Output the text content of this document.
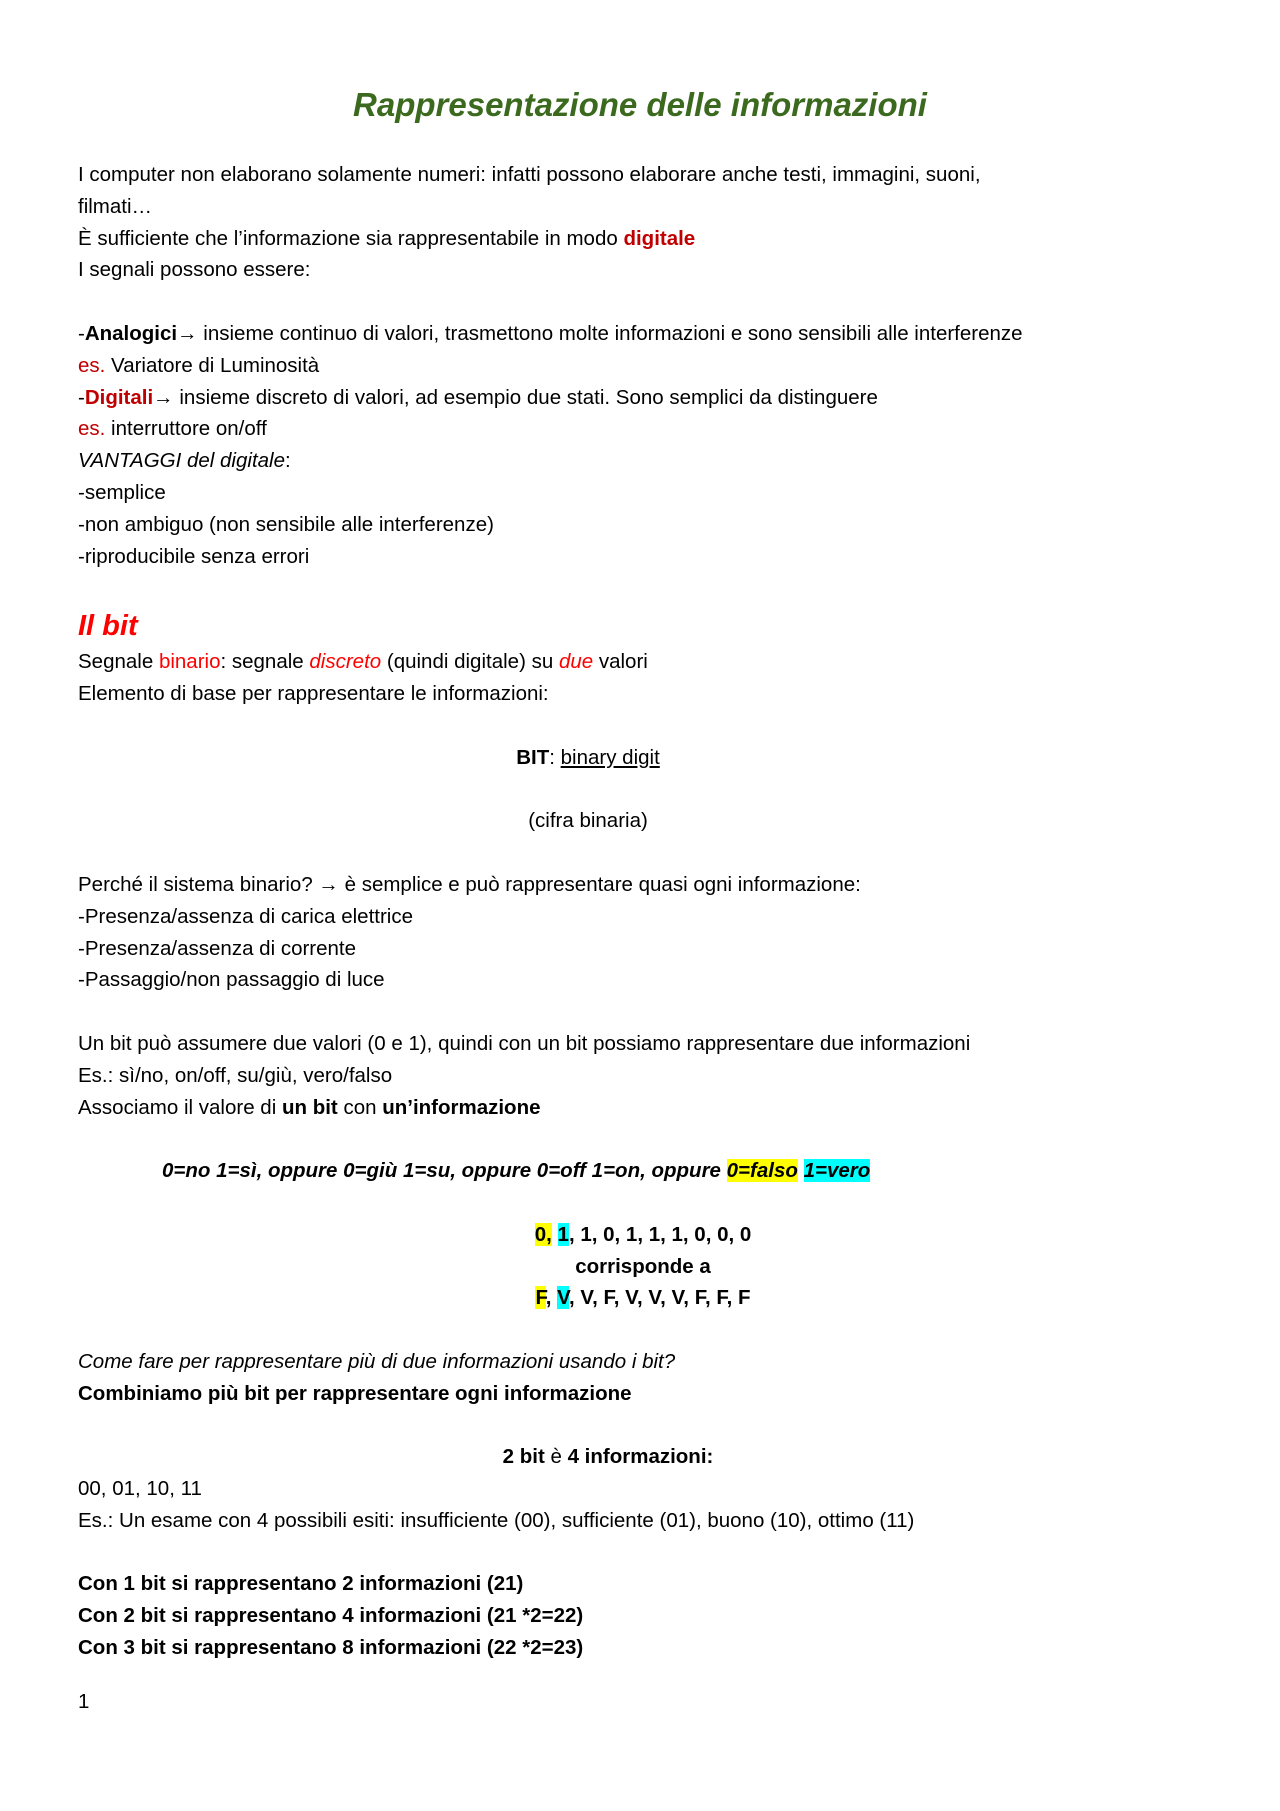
Rappresentazione delle informazioni
I computer non elaborano solamente numeri: infatti possono elaborare anche testi, immagini, suoni,
filmati…
È sufficiente che l’informazione sia rappresentabile in modo digitale
I segnali possono essere:
-Analogici→ insieme continuo di valori, trasmettono molte informazioni e sono sensibili alle interferenze
es. Variatore di Luminosità
-Digitali→ insieme discreto di valori, ad esempio due stati. Sono semplici da distinguere
es. interruttore on/off
VANTAGGI del digitale:
-semplice
-non ambiguo (non sensibile alle interferenze)
-riproducibile senza errori
Il bit
Segnale binario: segnale discreto (quindi digitale) su due valori
Elemento di base per rappresentare le informazioni:
BIT: binary digit
(cifra binaria)
Perché il sistema binario? → è semplice e può rappresentare quasi ogni informazione:
-Presenza/assenza di carica elettrice
-Presenza/assenza di corrente
-Passaggio/non passaggio di luce
Un bit può assumere due valori (0 e 1), quindi con un bit possiamo rappresentare due informazioni
Es.: sì/no, on/off, su/giù, vero/falso
Associamo il valore di un bit con un’informazione
0=no 1=sì, oppure 0=giù 1=su, oppure 0=off 1=on, oppure 0=falso 1=vero
0, 1, 1, 0, 1, 1, 1, 0, 0, 0
corrisponde a
F, V, V, F, V, V, V, F, F, F
Come fare per rappresentare più di due informazioni usando i bit?
Combiniamo più bit per rappresentare ogni informazione
2 bit è 4 informazioni:
00, 01, 10, 11
Es.: Un esame con 4 possibili esiti: insufficiente (00), sufficiente (01), buono (10), ottimo (11)
Con 1 bit si rappresentano 2 informazioni (21)
Con 2 bit si rappresentano 4 informazioni (21 *2=22)
Con 3 bit si rappresentano 8 informazioni (22 *2=23)
1
